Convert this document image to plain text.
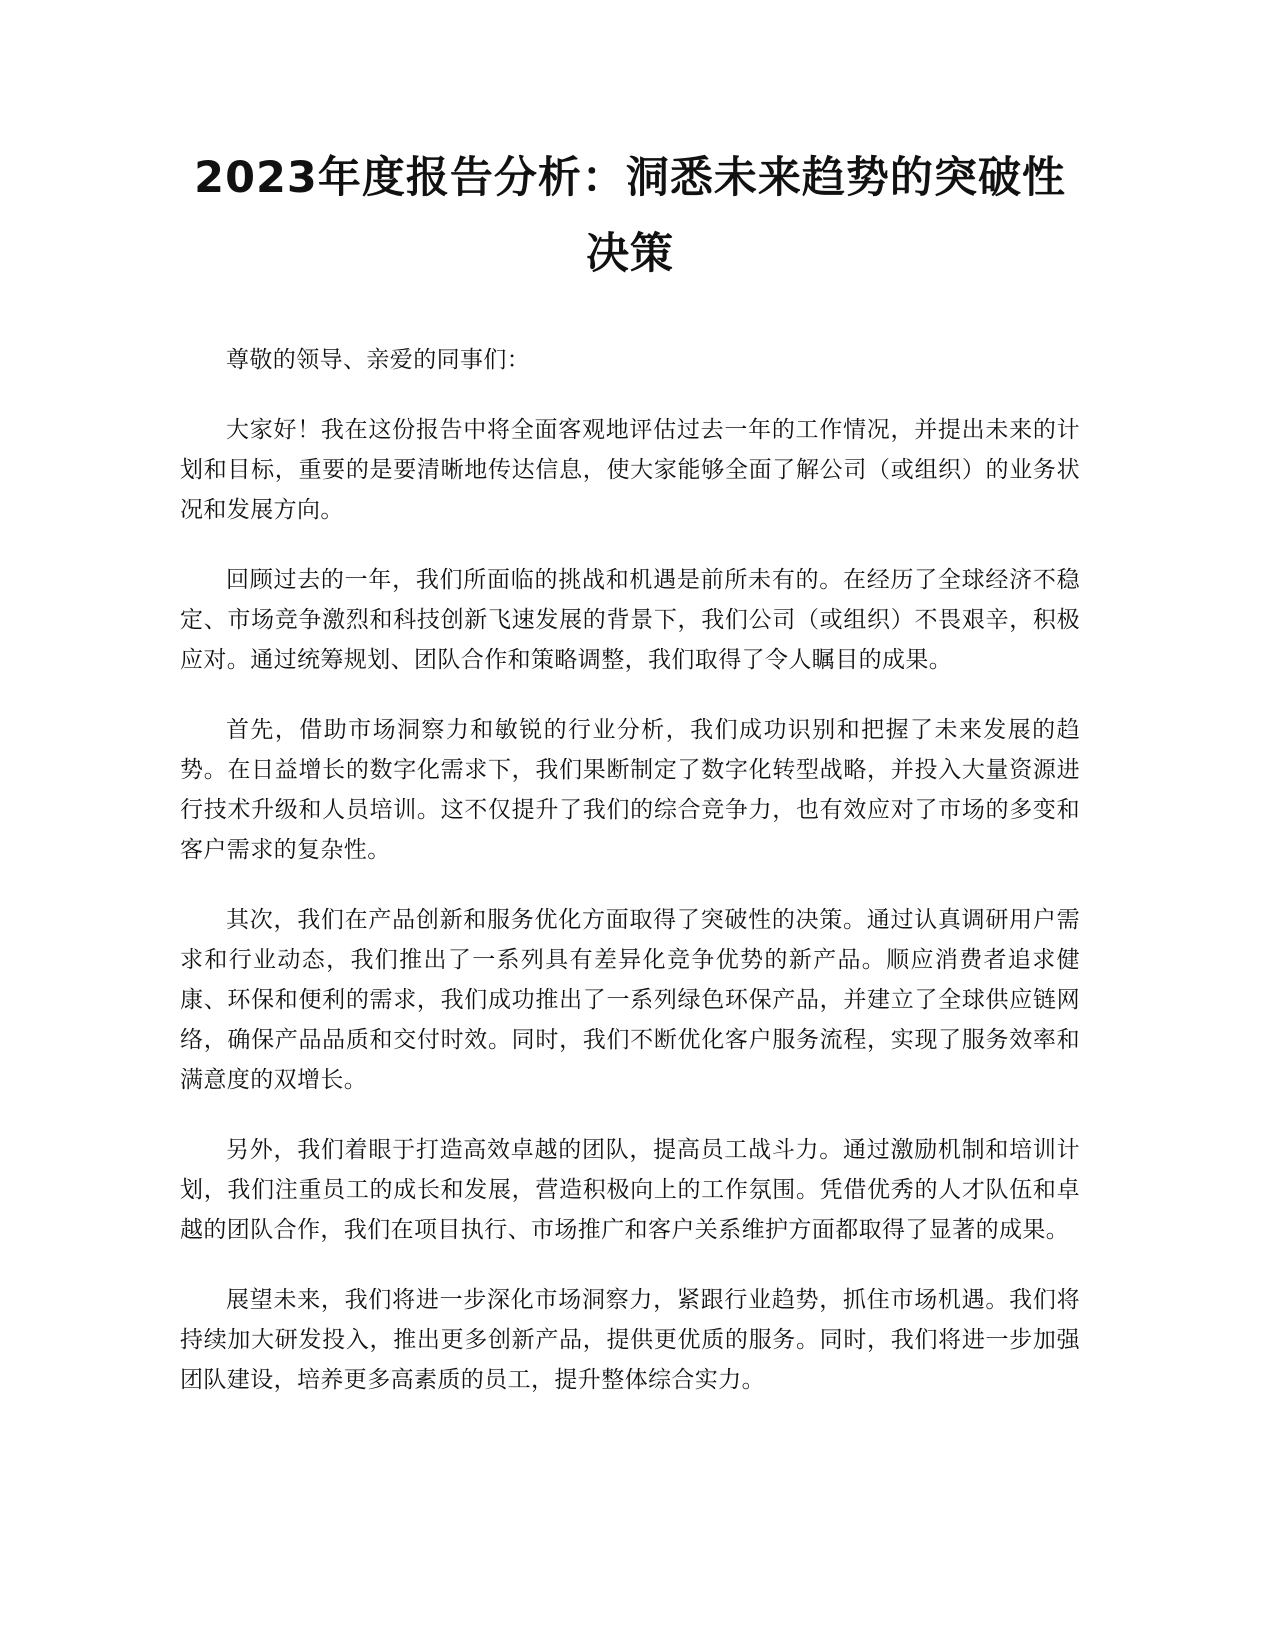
2023年度报告分析：洞悉未来趋势的突破性
决策

尊敬的领导、亲爱的同事们：

大家好！我在这份报告中将全面客观地评估过去一年的工作情况，并提出未来的计划和目标，重要的是要清晰地传达信息，使大家能够全面了解公司（或组织）的业务状况和发展方向。

回顾过去的一年，我们所面临的挑战和机遇是前所未有的。在经历了全球经济不稳定、市场竞争激烈和科技创新飞速发展的背景下，我们公司（或组织）不畏艰辛，积极应对。通过统筹规划、团队合作和策略调整，我们取得了令人瞩目的成果。

首先，借助市场洞察力和敏锐的行业分析，我们成功识别和把握了未来发展的趋势。在日益增长的数字化需求下，我们果断制定了数字化转型战略，并投入大量资源进行技术升级和人员培训。这不仅提升了我们的综合竞争力，也有效应对了市场的多变和客户需求的复杂性。

其次，我们在产品创新和服务优化方面取得了突破性的决策。通过认真调研用户需求和行业动态，我们推出了一系列具有差异化竞争优势的新产品。顺应消费者追求健康、环保和便利的需求，我们成功推出了一系列绿色环保产品，并建立了全球供应链网络，确保产品品质和交付时效。同时，我们不断优化客户服务流程，实现了服务效率和满意度的双增长。

另外，我们着眼于打造高效卓越的团队，提高员工战斗力。通过激励机制和培训计划，我们注重员工的成长和发展，营造积极向上的工作氛围。凭借优秀的人才队伍和卓越的团队合作，我们在项目执行、市场推广和客户关系维护方面都取得了显著的成果。

展望未来，我们将进一步深化市场洞察力，紧跟行业趋势，抓住市场机遇。我们将持续加大研发投入，推出更多创新产品，提供更优质的服务。同时，我们将进一步加强团队建设，培养更多高素质的员工，提升整体综合实力。
